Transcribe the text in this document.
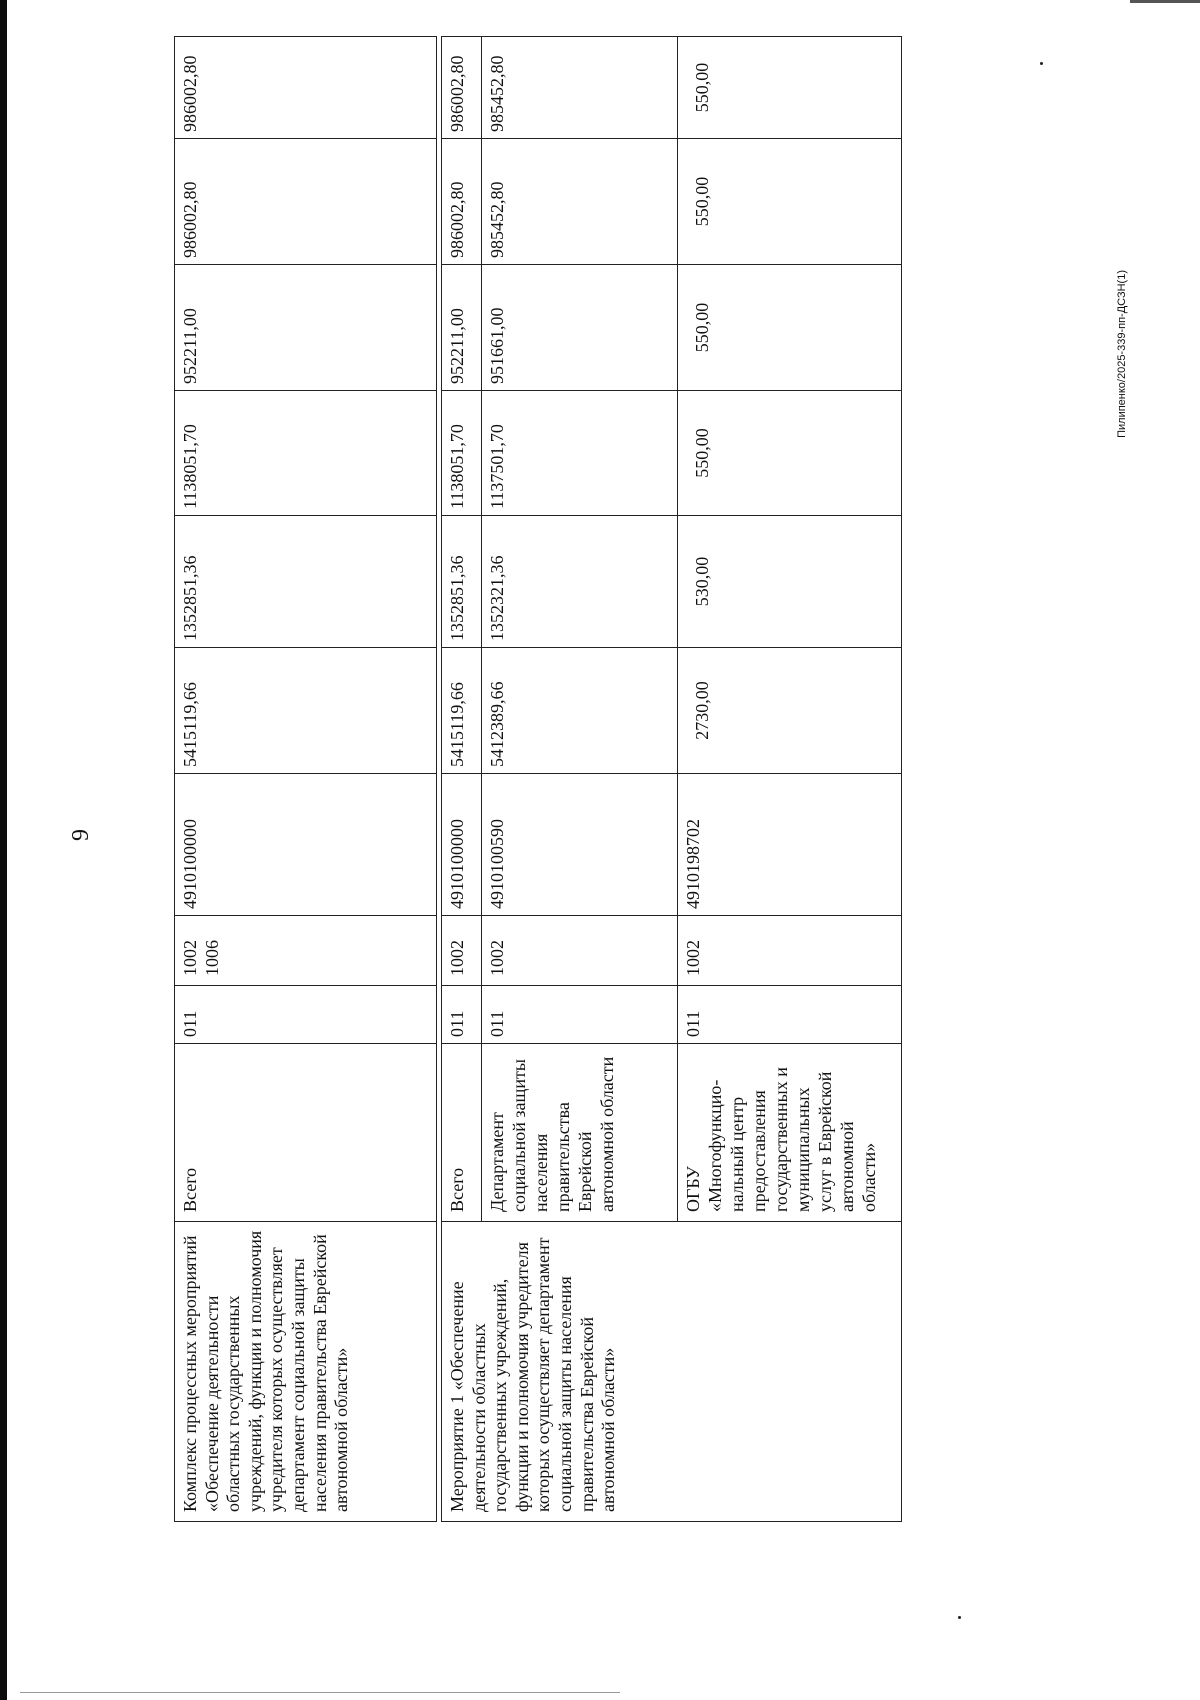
9
Комплекс процессных мероприятий «Обеспечение деятельности областных государственных учреждений, функции и полномочия учредителя которых осуществляет департамент социальной защиты населения правительства Еврейской автономной области»	Всего	011	1002 1006	4910100000	5415119,66	1352851,36	1138051,70	952211,00	986002,80	986002,80

Мероприятие 1 «Обеспечение деятельности областных государственных учреждений, функции и полномочия учредителя которых осуществляет департамент социальной защиты населения правительства Еврейской автономной области»	Всего	011	1002	4910100000	5415119,66	1352851,36	1138051,70	952211,00	986002,80	986002,80
	Департамент социальной защиты населения правительства Еврейской автономной области	011	1002	4910100590	5412389,66	1352321,36	1137501,70	951661,00	985452,80	985452,80
	ОГБУ «Многофункцио-нальный центр предоставления государственных и муниципальных услуг в Еврейской автономной области»	011	1002	4910198702	2730,00	530,00	550,00	550,00	550,00	550,00
Пилипенко/2025-339-пп-ДСЗН(1)
